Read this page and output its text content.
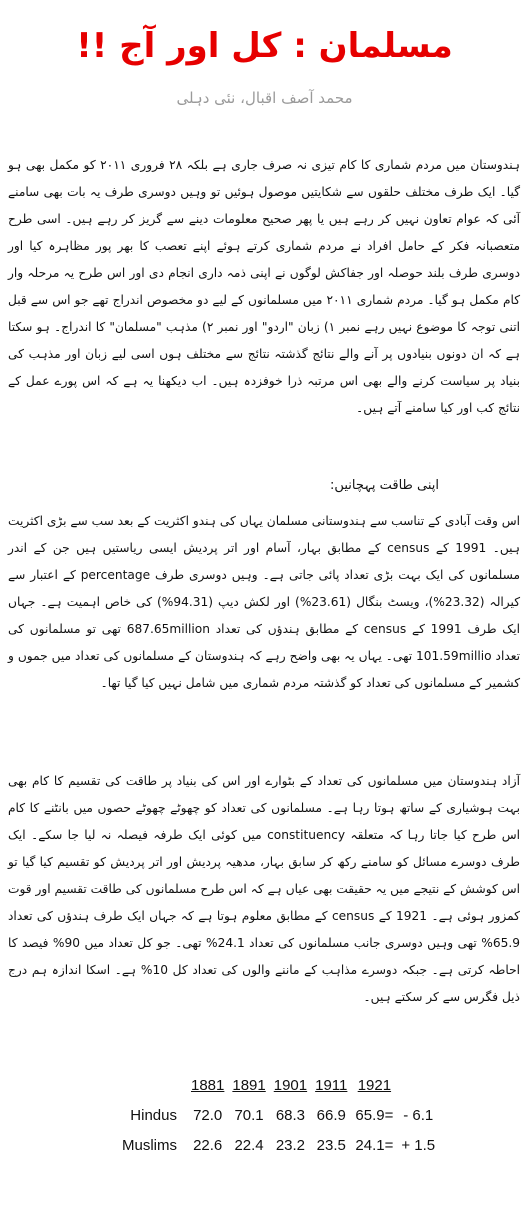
مسلمان : کل اور آج !!
محمد آصف اقبال، نئی دہلی
ہندوستان میں مردم شماری کا کام تیزی نہ صرف جاری ہے بلکہ ۲۸ فروری ۲۰۱۱ کو مکمل بھی ہو گیا۔ ایک طرف مختلف حلقوں سے شکایتیں موصول ہوئیں تو وہیں دوسری طرف یہ بات بھی سامنے آئی کہ عوام تعاون نہیں کر رہے ہیں یا پھر صحیح معلومات دینے سے گریز کر رہے ہیں۔ اسی طرح متعصبانہ فکر کے حامل افراد نے مردم شماری کرتے ہوئے اپنے تعصب کا بھر پور مظاہرہ کیا اور دوسری طرف بلند حوصلہ اور جفاکش لوگوں نے اپنی ذمہ داری انجام دی اور اس طرح یہ مرحلہ وار کام مکمل ہو گیا۔ مردم شماری ۲۰۱۱ میں مسلمانوں کے لیے دو مخصوص اندراج تھے جو اس سے قبل اتنی توجہ کا موضوع نہیں رہے نمبر ۱) زبان "اردو" اور نمبر ۲) مذہب "مسلمان" کا اندراج۔ ہو سکتا ہے کہ ان دونوں بنیادوں پر آنے والے نتائج گذشتہ نتائج سے مختلف ہوں اسی لیے زبان اور مذہب کی بنیاد پر سیاست کرنے والے بھی اس مرتبہ ذرا خوفزدہ ہیں۔ اب دیکھنا یہ ہے کہ اس پورے عمل کے نتائج کب اور کیا سامنے آتے ہیں۔
اپنی طاقت پہچانیں:
اس وقت آبادی کے تناسب سے ہندوستانی مسلمان یہاں کی ہندو اکثریت کے بعد سب سے بڑی اکثریت ہیں۔ 1991 کے census کے مطابق بہار، آسام اور اتر پردیش ایسی ریاستیں ہیں جن کے اندر مسلمانوں کی ایک بہت بڑی تعداد پائی جاتی ہے۔ وہیں دوسری طرف percentage کے اعتبار سے کیرالہ (23.32%)، ویسٹ بنگال (23.61%) اور لکش دیپ (94.31%) کی خاص اہمیت ہے۔ جہاں ایک طرف 1991 کے census کے مطابق ہندؤں کی تعداد 687.65million تھی تو مسلمانوں کی تعداد 101.59millio تھی۔ یہاں یہ بھی واضح رہے کہ ہندوستان کے مسلمانوں کی تعداد میں جموں و کشمیر کے مسلمانوں کی تعداد کو گذشتہ مردم شماری میں شامل نہیں کیا گیا تھا۔
آزاد ہندوستان میں مسلمانوں کی تعداد کے بٹوارے اور اس کی بنیاد پر طاقت کی تقسیم کا کام بھی بہت ہوشیاری کے ساتھ ہوتا رہا ہے۔ مسلمانوں کی تعداد کو چھوٹے چھوٹے حصوں میں بانٹنے کا کام اس طرح کیا جاتا رہا کہ متعلقہ constituency میں کوئی ایک طرفہ فیصلہ نہ لیا جا سکے۔ ایک طرف دوسرے مسائل کو سامنے رکھ کر سابق بہار، مدھیہ پردیش اور اتر پردیش کو تقسیم کیا گیا تو اس کوشش کے نتیجے میں یہ حقیقت بھی عیاں ہے کہ اس طرح مسلمانوں کی طاقت تقسیم اور قوت کمزور ہوئی ہے۔ 1921 کے census کے مطابق معلوم ہوتا ہے کہ جہاں ایک طرف ہندؤں کی تعداد 65.9% تھی وہیں دوسری جانب مسلمانوں کی تعداد 24.1% تھی۔ جو کل تعداد میں 90% فیصد کا احاطہ کرتی ہے۔ جبکہ دوسرے مذاہب کے ماننے والوں کی تعداد کل 10% ہے۔ اسکا اندازہ ہم درج ذیل فگرس سے کر سکتے ہیں۔
	1881	1891	1901	1911	1921	
Hindus	72.0	70.1	68.3	66.9	65.9=	- 6.1
Muslims	22.6	22.4	23.2	23.5	24.1=	+ 1.5
